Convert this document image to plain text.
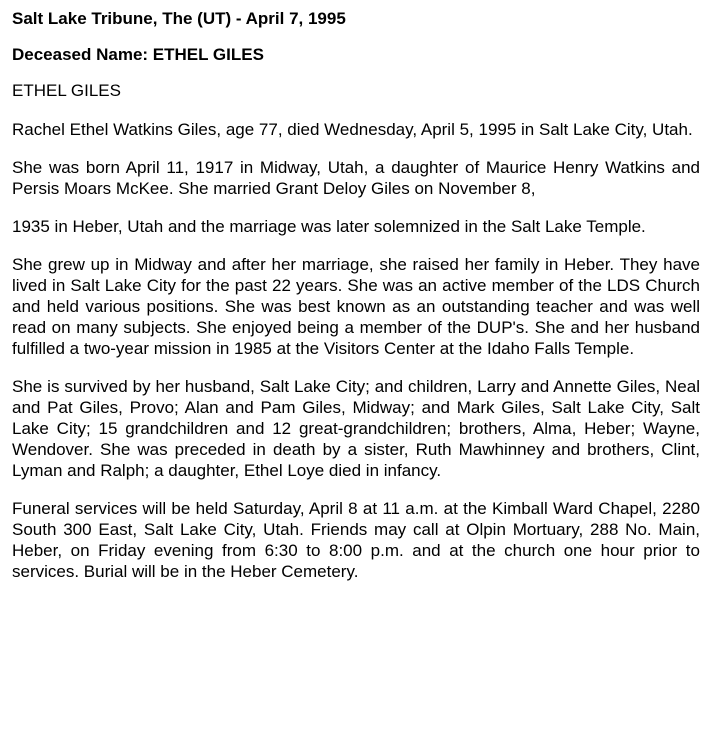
Salt Lake Tribune, The (UT) - April 7, 1995

Deceased Name: ETHEL GILES

ETHEL GILES

Rachel Ethel Watkins Giles, age 77, died Wednesday, April 5, 1995 in Salt Lake City, Utah.

She was born April 11, 1917 in Midway, Utah, a daughter of Maurice Henry Watkins and Persis Moars McKee. She married Grant Deloy Giles on November 8,

1935 in Heber, Utah and the marriage was later solemnized in the Salt Lake Temple.

She grew up in Midway and after her marriage, she raised her family in Heber. They have lived in Salt Lake City for the past 22 years. She was an active member of the LDS Church and held various positions. She was best known as an outstanding teacher and was well read on many subjects. She enjoyed being a member of the DUP's. She and her husband fulfilled a two-year mission in 1985 at the Visitors Center at the Idaho Falls Temple.

She is survived by her husband, Salt Lake City; and children, Larry and Annette Giles, Neal and Pat Giles, Provo; Alan and Pam Giles, Midway; and Mark Giles, Salt Lake City, Salt Lake City; 15 grandchildren and 12 great-grandchildren; brothers, Alma, Heber; Wayne, Wendover. She was preceded in death by a sister, Ruth Mawhinney and brothers, Clint, Lyman and Ralph; a daughter, Ethel Loye died in infancy.

Funeral services will be held Saturday, April 8 at 11 a.m. at the Kimball Ward Chapel, 2280 South 300 East, Salt Lake City, Utah. Friends may call at Olpin Mortuary, 288 No. Main, Heber, on Friday evening from 6:30 to 8:00 p.m. and at the church one hour prior to services. Burial will be in the Heber Cemetery.
